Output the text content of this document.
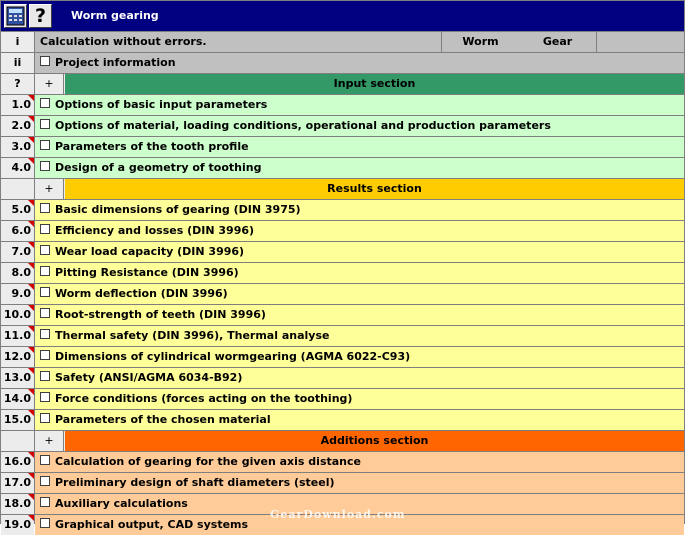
?	Worm gearing
i	Calculation without errors.	Worm	Gear
ii	Project information
?	+	Input section
1.0 Options of basic input parameters
2.0 Options of material, loading conditions, operational and production parameters
3.0 Parameters of the tooth profile
4.0 Design of a geometry of toothing
+	Results section
5.0 Basic dimensions of gearing (DIN 3975)
6.0 Efficiency and losses (DIN 3996)
7.0 Wear load capacity (DIN 3996)
8.0 Pitting Resistance (DIN 3996)
9.0 Worm deflection (DIN 3996)
10.0 Root-strength of teeth (DIN 3996)
11.0 Thermal safety (DIN 3996), Thermal analyse
12.0 Dimensions of cylindrical wormgearing (AGMA 6022-C93)
13.0 Safety (ANSI/AGMA 6034-B92)
14.0 Force conditions (forces acting on the toothing)
15.0 Parameters of the chosen material
+	Additions section
16.0 Calculation of gearing for the given axis distance
17.0 Preliminary design of shaft diameters (steel)
18.0 Auxiliary calculations
19.0 Graphical output, CAD systems
GearDownload.com
